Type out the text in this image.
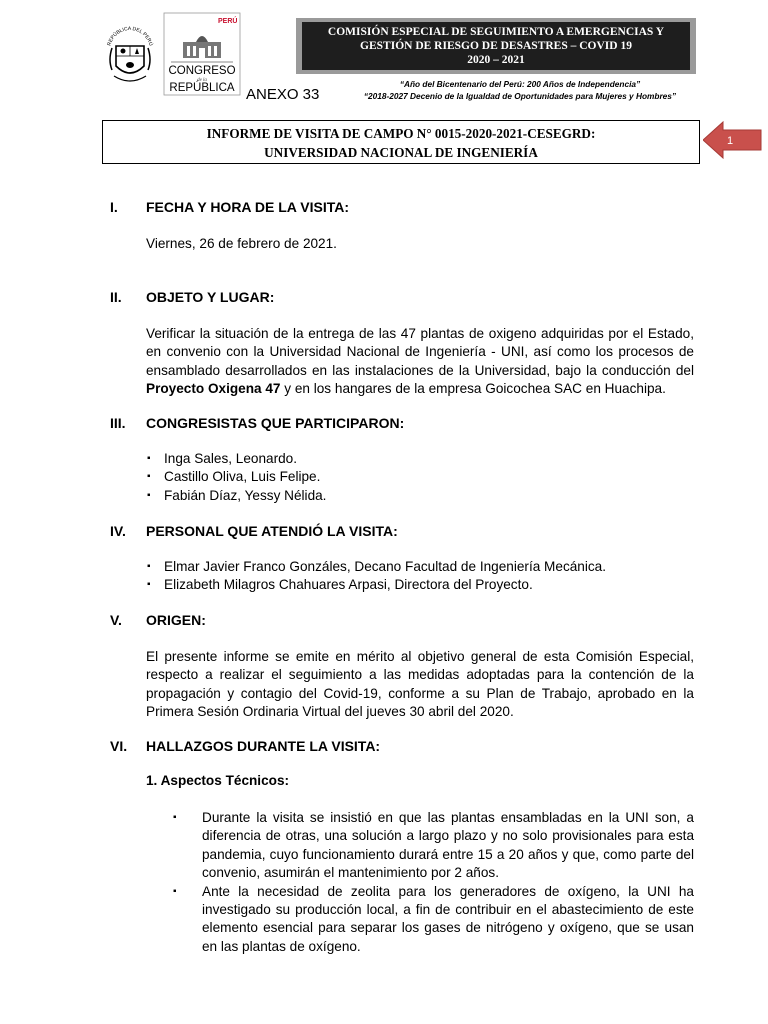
REPÚBLICA DEL PERÚ
PERÚ
CONGRESO
de la
REPÚBLICA ANEXO 33
COMISIÓN ESPECIAL DE SEGUIMIENTO A EMERGENCIAS Y
GESTIÓN DE RIESGO DE DESASTRES – COVID 19
2020 – 2021
“Año del Bicentenario del Perú: 200 Años de Independencia”
“2018-2027 Decenio de la Igualdad de Oportunidades para Mujeres y Hombres”
INFORME DE VISITA DE CAMPO N° 0015-2020-2021-CESEGRD:
UNIVERSIDAD NACIONAL DE INGENIERÍA
1
I. FECHA Y HORA DE LA VISITA:
Viernes, 26 de febrero de 2021.
II. OBJETO Y LUGAR:
Verificar la situación de la entrega de las 47 plantas de oxigeno adquiridas por el Estado, en convenio con la Universidad Nacional de Ingeniería - UNI, así como los procesos de ensamblado desarrollados en las instalaciones de la Universidad, bajo la conducción del Proyecto Oxigena 47 y en los hangares de la empresa Goicochea SAC en Huachipa.
III. CONGRESISTAS QUE PARTICIPARON:
▪ Inga Sales, Leonardo.
▪ Castillo Oliva, Luis Felipe.
▪ Fabián Díaz, Yessy Nélida.
IV. PERSONAL QUE ATENDIÓ LA VISITA:
▪ Elmar Javier Franco Gonzáles, Decano Facultad de Ingeniería Mecánica.
▪ Elizabeth Milagros Chahuares Arpasi, Directora del Proyecto.
V. ORIGEN:
El presente informe se emite en mérito al objetivo general de esta Comisión Especial, respecto a realizar el seguimiento a las medidas adoptadas para la contención de la propagación y contagio del Covid-19, conforme a su Plan de Trabajo, aprobado en la Primera Sesión Ordinaria Virtual del jueves 30 abril del 2020.
VI. HALLAZGOS DURANTE LA VISITA:
1. Aspectos Técnicos:
▪ Durante la visita se insistió en que las plantas ensambladas en la UNI son, a diferencia de otras, una solución a largo plazo y no solo provisionales para esta pandemia, cuyo funcionamiento durará entre 15 a 20 años y que, como parte del convenio, asumirán el mantenimiento por 2 años.
▪ Ante la necesidad de zeolita para los generadores de oxígeno, la UNI ha investigado su producción local, a fin de contribuir en el abastecimiento de este elemento esencial para separar los gases de nitrógeno y oxígeno, que se usan en las plantas de oxígeno.
